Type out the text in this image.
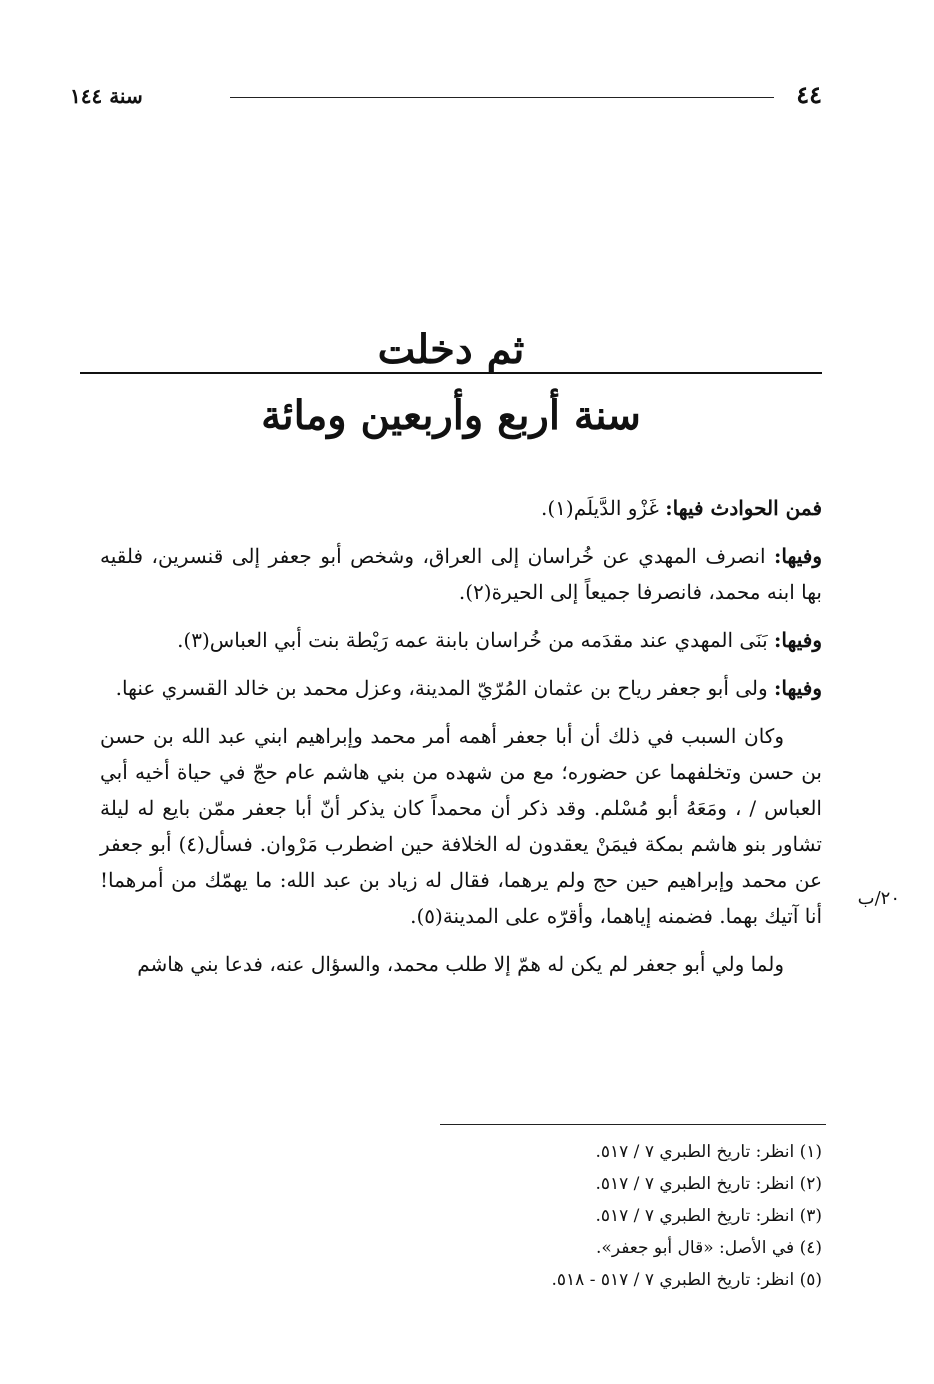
٤٤
سنة ١٤٤
ثم دخلت
سنة أربع وأربعين ومائة

فمن الحوادث فيها: غَزْو الدَّيلَم(١).

وفيها: انصرف المهدي عن خُراسان إلى العراق، وشخص أبو جعفر إلى قنسرين، فلقيه بها ابنه محمد، فانصرفا جميعاً إلى الحيرة(٢).

وفيها: بَنَى المهدي عند مقدَمه من خُراسان بابنة عمه رَيْطة بنت أبي العباس(٣).

وفيها: ولى أبو جعفر رياح بن عثمان المُرّيّ المدينة، وعزل محمد بن خالد القسري عنها.

وكان السبب في ذلك أن أبا جعفر أهمه أمر محمد وإبراهيم ابني عبد الله بن حسن بن حسن وتخلفهما عن حضوره؛ مع من شهده من بني هاشم عام حجّ في حياة أخيه أبي العباس / ، ومَعَهُ أبو مُسْلم. وقد ذكر أن محمداً كان يذكر أنّ أبا جعفر ممّن بايع له ليلة تشاور بنو هاشم بمكة فيمَنْ يعقدون له الخلافة حين اضطرب مَرْوان. فسأل(٤) أبو جعفر عن محمد وإبراهيم حين حج ولم يرهما، فقال له زياد بن عبد الله: ما يهمّك من أمرهما! أنا آتيك بهما. فضمنه إياهما، وأقرّه على المدينة(٥).

ولما ولي أبو جعفر لم يكن له همّ إلا طلب محمد، والسؤال عنه، فدعا بني هاشم

٢٠/ب

(١) انظر: تاريخ الطبري ٧ / ٥١٧.

(٢) انظر: تاريخ الطبري ٧ / ٥١٧.

(٣) انظر: تاريخ الطبري ٧ / ٥١٧.

(٤) في الأصل: «قال أبو جعفر».

(٥) انظر: تاريخ الطبري ٧ / ٥١٧ - ٥١٨.
